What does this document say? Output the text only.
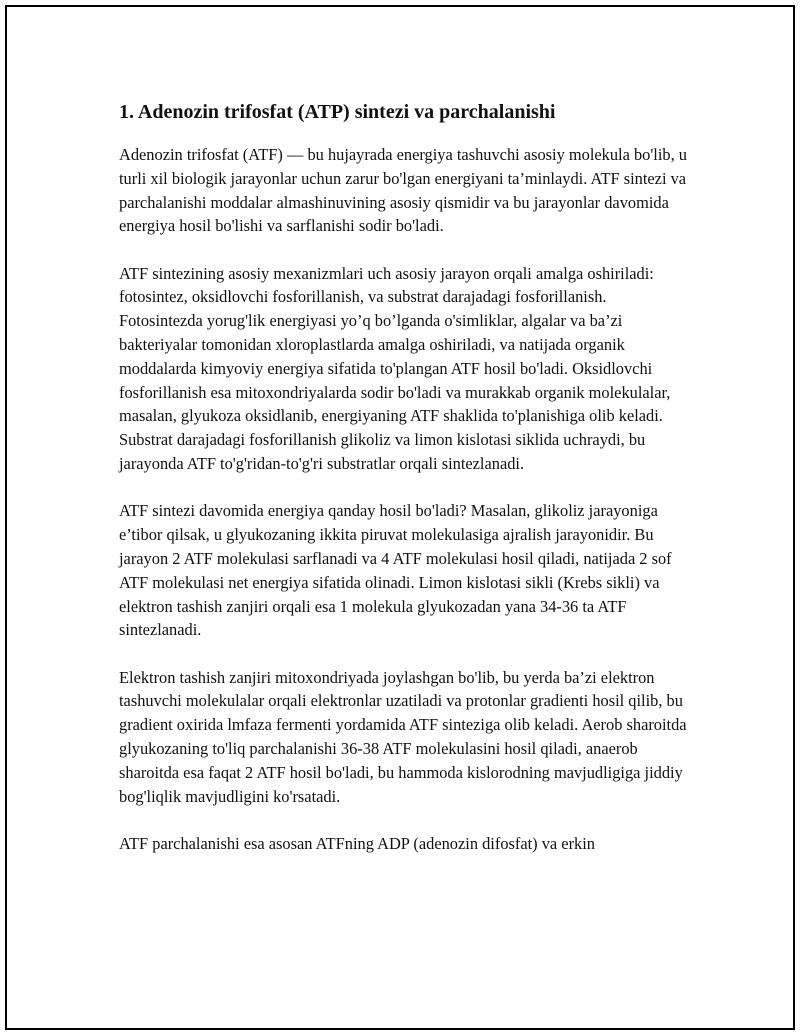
1. Adenozin trifosfat (ATP) sintezi va parchalanishi

Adenozin trifosfat (ATF) — bu hujayrada energiya tashuvchi asosiy molekula bo'lib, u turli xil biologik jarayonlar uchun zarur bo'lgan energiyani ta’minlaydi. ATF sintezi va parchalanishi moddalar almashinuvining asosiy qismidir va bu jarayonlar davomida energiya hosil bo'lishi va sarflanishi sodir bo'ladi.

ATF sintezining asosiy mexanizmlari uch asosiy jarayon orqali amalga oshiriladi: fotosintez, oksidlovchi fosforillanish, va substrat darajadagi fosforillanish. Fotosintezda yorug'lik energiyasi yo’q bo’lganda o'simliklar, algalar va ba’zi bakteriyalar tomonidan xloroplastlarda amalga oshiriladi, va natijada organik moddalarda kimyoviy energiya sifatida to'plangan ATF hosil bo'ladi. Oksidlovchi fosforillanish esa mitoxondriyalarda sodir bo'ladi va murakkab organik molekulalar, masalan, glyukoza oksidlanib, energiyaning ATF shaklida to'planishiga olib keladi. Substrat darajadagi fosforillanish glikoliz va limon kislotasi siklida uchraydi, bu jarayonda ATF to'g'ridan-to'g'ri substratlar orqali sintezlanadi.

ATF sintezi davomida energiya qanday hosil bo'ladi? Masalan, glikoliz jarayoniga e’tibor qilsak, u glyukozaning ikkita piruvat molekulasiga ajralish jarayonidir. Bu jarayon 2 ATF molekulasi sarflanadi va 4 ATF molekulasi hosil qiladi, natijada 2 sof ATF molekulasi net energiya sifatida olinadi. Limon kislotasi sikli (Krebs sikli) va elektron tashish zanjiri orqali esa 1 molekula glyukozadan yana 34-36 ta ATF sintezlanadi.

Elektron tashish zanjiri mitoxondriyada joylashgan bo'lib, bu yerda ba’zi elektron tashuvchi molekulalar orqali elektronlar uzatiladi va protonlar gradienti hosil qilib, bu gradient oxirida lmfaza fermenti yordamida ATF sinteziga olib keladi. Aerob sharoitda glyukozaning to'liq parchalanishi 36-38 ATF molekulasini hosil qiladi, anaerob sharoitda esa faqat 2 ATF hosil bo'ladi, bu hammoda kislorodning mavjudligiga jiddiy bog'liqlik mavjudligini ko'rsatadi.

ATF parchalanishi esa asosan ATFning ADP (adenozin difosfat) va erkin
